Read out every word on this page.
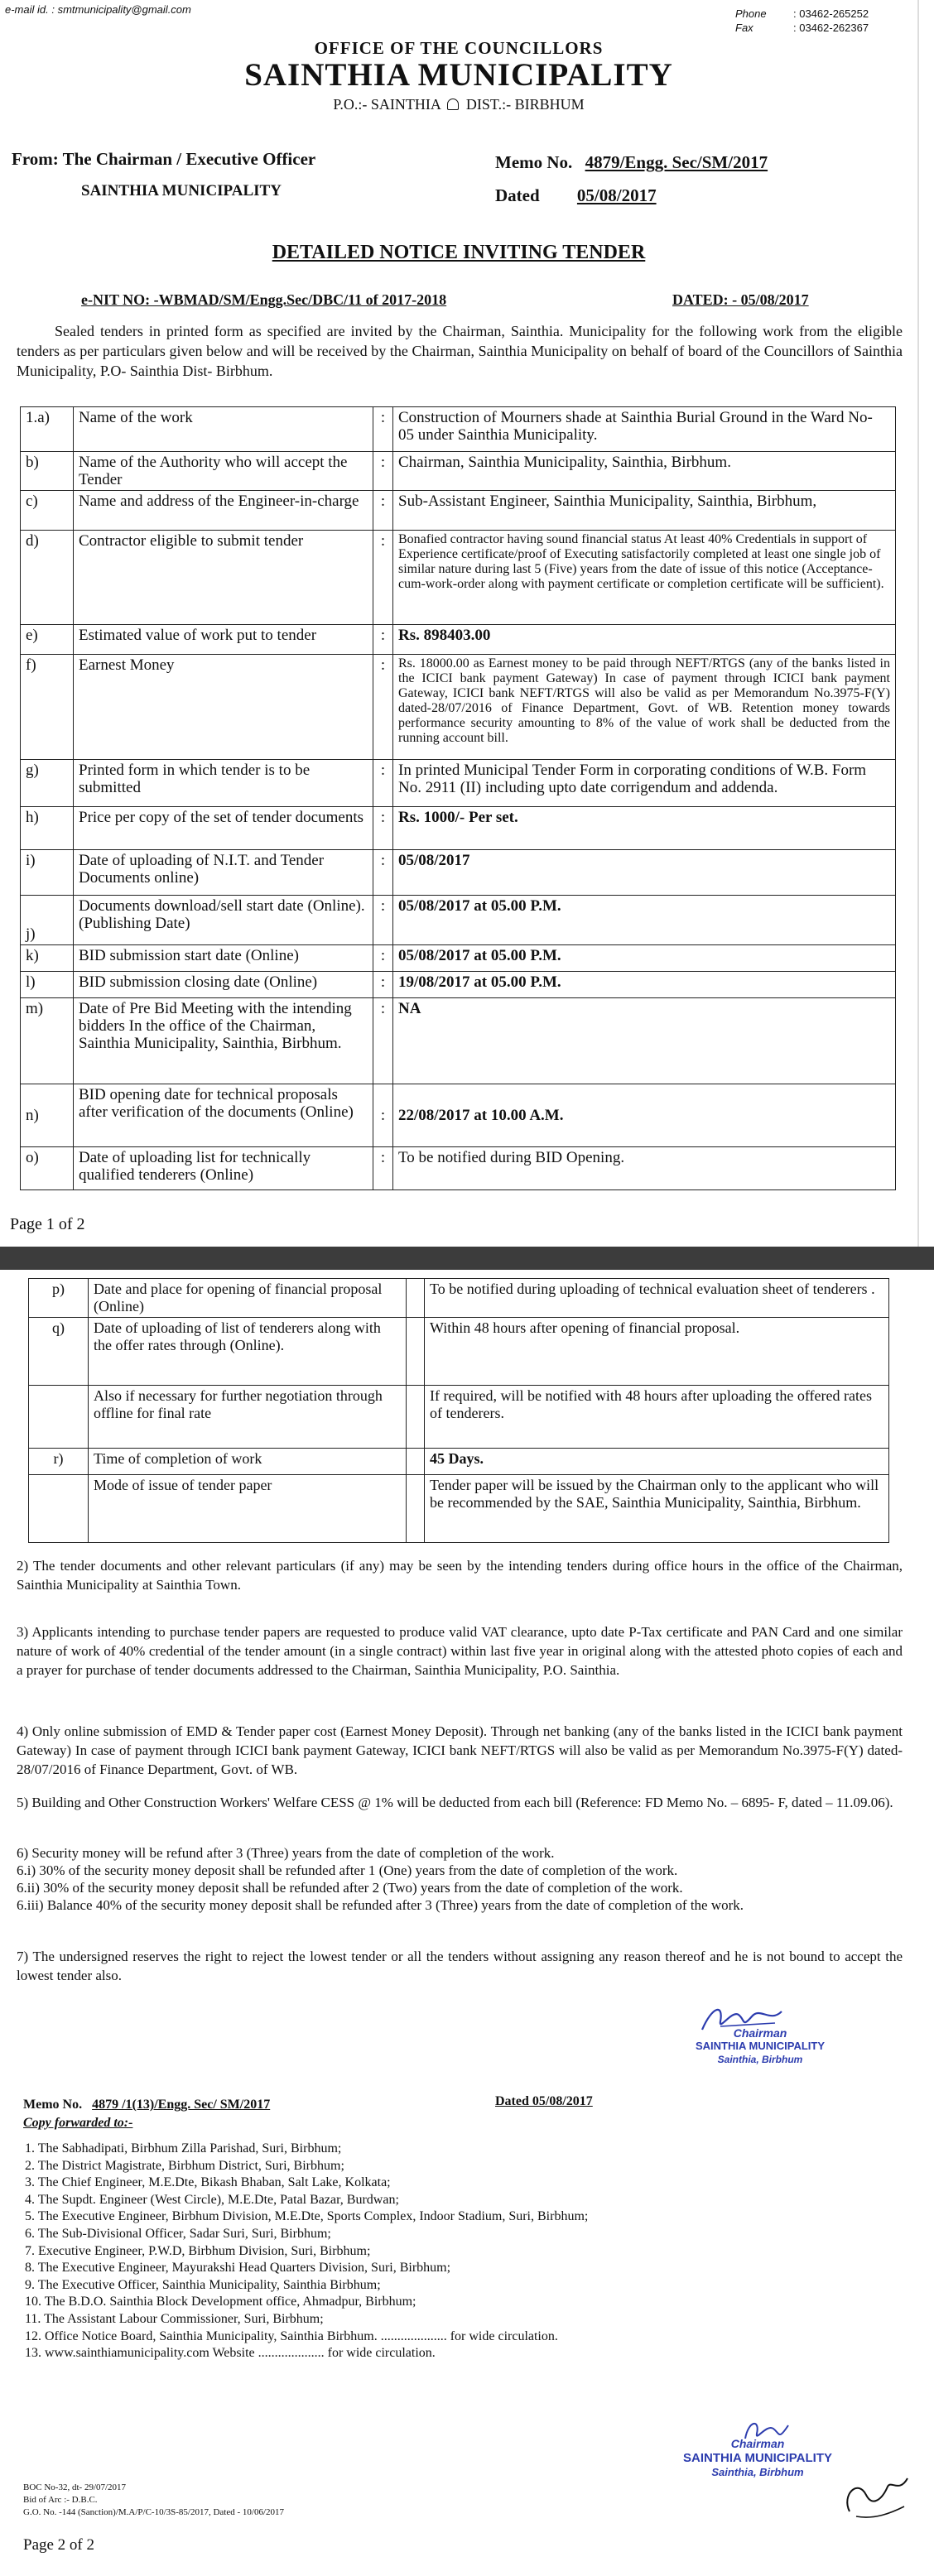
e-mail id. : smtmunicipality@gmail.com	Phone : 03462-265252
Fax	: 03462-262367
OFFICE OF THE COUNCILLORS
SAINTHIA MUNICIPALITY
P.O.:- SAINTHIA DIST.:- BIRBHUM
From: The Chairman / Executive Officer
SAINTHIA MUNICIPALITY
Memo No. 4879/Engg. Sec/SM/2017
Dated 05/08/2017
DETAILED NOTICE INVITING TENDER
e-NIT NO: -WBMAD/SM/Engg.Sec/DBC/11 of 2017-2018	DATED: - 05/08/2017
Sealed tenders in printed form as specified are invited by the Chairman, Sainthia. Municipality for the following work from the eligible tenders as per particulars given below and will be received by the Chairman, Sainthia Municipality on behalf of board of the Councillors of Sainthia Municipality, P.O- Sainthia Dist- Birbhum.
1.a)	Name of the work	:	Construction of Mourners shade at Sainthia Burial Ground in the Ward No- 05 under Sainthia Municipality.
b)	Name of the Authority who will accept the Tender	:	Chairman, Sainthia Municipality, Sainthia, Birbhum.
c)	Name and address of the Engineer-in-charge	:	Sub-Assistant Engineer, Sainthia Municipality, Sainthia, Birbhum,
d)	Contractor eligible to submit tender	:	Bonafied contractor having sound financial status At least 40% Credentials in support of Experience certificate/proof of Executing satisfactorily completed at least one single job of similar nature during last 5 (Five) years from the date of issue of this notice (Acceptance-cum-work-order along with payment certificate or completion certificate will be sufficient).
e)	Estimated value of work put to tender	:	Rs. 898403.00
f)	Earnest Money	:	Rs. 18000.00 as Earnest money to be paid through NEFT/RTGS (any of the banks listed in the ICICI bank payment Gateway) In case of payment through ICICI bank payment Gateway, ICICI bank NEFT/RTGS will also be valid as per Memorandum No.3975-F(Y) dated-28/07/2016 of Finance Department, Govt. of WB. Retention money towards performance security amounting to 8% of the value of work shall be deducted from the running account bill.
g)	Printed form in which tender is to be submitted	:	In printed Municipal Tender Form in corporating conditions of W.B. Form No. 2911 (II) including upto date corrigendum and addenda.
h)	Price per copy of the set of tender documents	:	Rs. 1000/- Per set.
i)	Date of uploading of N.I.T. and Tender Documents online)	:	05/08/2017
j)	Documents download/sell start date (Online). (Publishing Date)	:	05/08/2017 at 05.00 P.M.
k)	BID submission start date (Online)	:	05/08/2017 at 05.00 P.M.
l)	BID submission closing date (Online)	:	19/08/2017 at 05.00 P.M.
m)	Date of Pre Bid Meeting with the intending bidders In the office of the Chairman, Sainthia Municipality, Sainthia, Birbhum.	:	NA
n)	BID opening date for technical proposals after verification of the documents (Online)	:	22/08/2017 at 10.00 A.M.
o)	Date of uploading list for technically qualified tenderers (Online)	:	To be notified during BID Opening.
Page 1 of 2
p)	Date and place for opening of financial proposal (Online)		To be notified during uploading of technical evaluation sheet of tenderers .
q)	Date of uploading of list of tenderers along with the offer rates through (Online).		Within 48 hours after opening of financial proposal.
	Also if necessary for further negotiation through offline for final rate		If required, will be notified with 48 hours after uploading the offered rates of tenderers.
r)	Time of completion of work		45 Days.
	Mode of issue of tender paper		Tender paper will be issued by the Chairman only to the applicant who will be recommended by the SAE, Sainthia Municipality, Sainthia, Birbhum.
2) The tender documents and other relevant particulars (if any) may be seen by the intending tenders during office hours in the office of the Chairman, Sainthia Municipality at Sainthia Town.
3) Applicants intending to purchase tender papers are requested to produce valid VAT clearance, upto date P-Tax certificate and PAN Card and one similar nature of work of 40% credential of the tender amount (in a single contract) within last five year in original along with the attested photo copies of each and a prayer for purchase of tender documents addressed to the Chairman, Sainthia Municipality, P.O. Sainthia.
4) Only online submission of EMD & Tender paper cost (Earnest Money Deposit). Through net banking (any of the banks listed in the ICICI bank payment Gateway) In case of payment through ICICI bank payment Gateway, ICICI bank NEFT/RTGS will also be valid as per Memorandum No.3975-F(Y) dated-28/07/2016 of Finance Department, Govt. of WB.
5) Building and Other Construction Workers' Welfare CESS @ 1% will be deducted from each bill (Reference: FD Memo No. – 6895- F, dated – 11.09.06).
6) Security money will be refund after 3 (Three) years from the date of completion of the work.
6.i) 30% of the security money deposit shall be refunded after 1 (One) years from the date of completion of the work.
6.ii) 30% of the security money deposit shall be refunded after 2 (Two) years from the date of completion of the work.
6.iii) Balance 40% of the security money deposit shall be refunded after 3 (Three) years from the date of completion of the work.
7) The undersigned reserves the right to reject the lowest tender or all the tenders without assigning any reason thereof and he is not bound to accept the lowest tender also.
Chairman
SAINTHIA MUNICIPALITY
Sainthia, Birbhum
Memo No. 4879 /1(13)/Engg. Sec/ SM/2017	Dated 05/08/2017
Copy forwarded to:-
1. The Sabhadipati, Birbhum Zilla Parishad, Suri, Birbhum;
2. The District Magistrate, Birbhum District, Suri, Birbhum;
3. The Chief Engineer, M.E.Dte, Bikash Bhaban, Salt Lake, Kolkata;
4. The Supdt. Engineer (West Circle), M.E.Dte, Patal Bazar, Burdwan;
5. The Executive Engineer, Birbhum Division, M.E.Dte, Sports Complex, Indoor Stadium, Suri, Birbhum;
6. The Sub-Divisional Officer, Sadar Suri, Suri, Birbhum;
7. Executive Engineer, P.W.D, Birbhum Division, Suri, Birbhum;
8. The Executive Engineer, Mayurakshi Head Quarters Division, Suri, Birbhum;
9. The Executive Officer, Sainthia Municipality, Sainthia Birbhum;
10. The B.D.O. Sainthia Block Development office, Ahmadpur, Birbhum;
11. The Assistant Labour Commissioner, Suri, Birbhum;
12. Office Notice Board, Sainthia Municipality, Sainthia Birbhum. .................... for wide circulation.
13. www.sainthiamunicipality.com Website .................... for wide circulation.
Chairman
SAINTHIA MUNICIPALITY
Sainthia, Birbhum
BOC No-32, dt- 29/07/2017
Bid of Arc :- D.B.C.
G.O. No. -144 (Sanction)/M.A/P/C-10/3S-85/2017, Dated - 10/06/2017
Page 2 of 2
